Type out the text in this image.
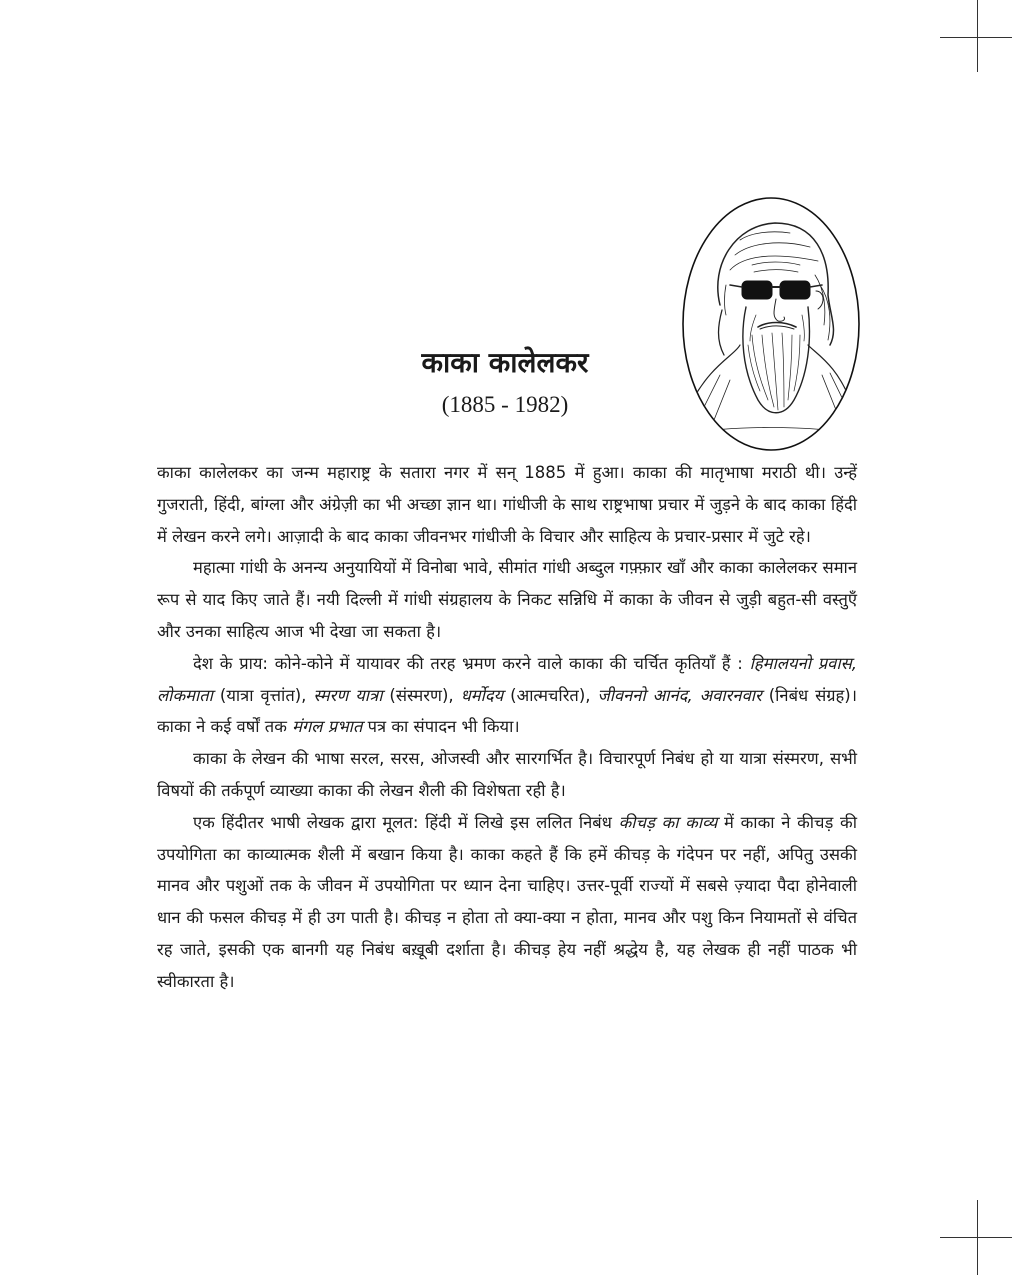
काका कालेलकर
(1885 - 1982)

काका कालेलकर का जन्म महाराष्ट्र के सतारा नगर में सन् 1885 में हुआ। काका की मातृभाषा मराठी थी। उन्हें गुजराती, हिंदी, बांग्ला और अंग्रेज़ी का भी अच्छा ज्ञान था। गांधीजी के साथ राष्ट्रभाषा प्रचार में जुड़ने के बाद काका हिंदी में लेखन करने लगे। आज़ादी के बाद काका जीवनभर गांधीजी के विचार और साहित्य के प्रचार-प्रसार में जुटे रहे।

महात्मा गांधी के अनन्य अनुयायियों में विनोबा भावे, सीमांत गांधी अब्दुल गफ़्फ़ार खाँ और काका कालेलकर समान रूप से याद किए जाते हैं। नयी दिल्ली में गांधी संग्रहालय के निकट सन्निधि में काका के जीवन से जुड़ी बहुत-सी वस्तुएँ और उनका साहित्य आज भी देखा जा सकता है।

देश के प्राय: कोने-कोने में यायावर की तरह भ्रमण करने वाले काका की चर्चित कृतियाँ हैं : हिमालयनो प्रवास, लोकमाता (यात्रा वृत्तांत), स्मरण यात्रा (संस्मरण), धर्मोदय (आत्मचरित), जीवननो आनंद, अवारनवार (निबंध संग्रह)। काका ने कई वर्षों तक मंगल प्रभात पत्र का संपादन भी किया।

काका के लेखन की भाषा सरल, सरस, ओजस्वी और सारगर्भित है। विचारपूर्ण निबंध हो या यात्रा संस्मरण, सभी विषयों की तर्कपूर्ण व्याख्या काका की लेखन शैली की विशेषता रही है।

एक हिंदीतर भाषी लेखक द्वारा मूलत: हिंदी में लिखे इस ललित निबंध कीचड़ का काव्य में काका ने कीचड़ की उपयोगिता का काव्यात्मक शैली में बखान किया है। काका कहते हैं कि हमें कीचड़ के गंदेपन पर नहीं, अपितु उसकी मानव और पशुओं तक के जीवन में उपयोगिता पर ध्यान देना चाहिए। उत्तर-पूर्वी राज्यों में सबसे ज़्यादा पैदा होनेवाली धान की फसल कीचड़ में ही उग पाती है। कीचड़ न होता तो क्या-क्या न होता, मानव और पशु किन नियामतों से वंचित रह जाते, इसकी एक बानगी यह निबंध बख़ूबी दर्शाता है। कीचड़ हेय नहीं श्रद्धेय है, यह लेखक ही नहीं पाठक भी स्वीकारता है।
